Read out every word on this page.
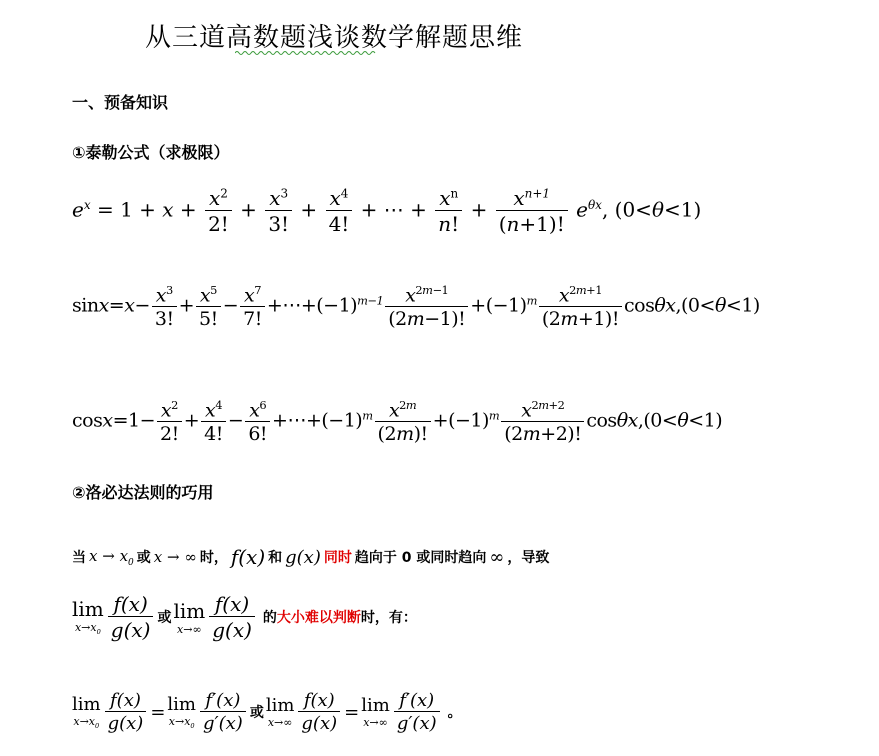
从三道高数题浅谈数学解题思维
一、预备知识
①泰勒公式（求极限）
$e^x = 1 + x + \frac{x^2}{2!} + \frac{x^3}{3!} + \frac{x^4}{4!}$ + ⋯ + $\frac{x^n}{n!} + \frac{x^{n+1}}{(n+1)!} e^{\theta x}$, (0<θ<1)
$\sin x=x- \frac{x^3}{3!} + \frac{x^5}{5!} - \frac{x^7}{7!}$ $+\cdots+(-1)^{m-1} \frac{x^{2m-1}}{(2m-1)!} +(-1)^m \frac{x^{2m+1}}{(2m+1)!} \cos\theta x,(0<\theta<1)$
$\cos x=1- \frac{x^2}{2!} + \frac{x^4}{4!} - \frac{x^6}{6!}$ $+\cdots+(-1)^m \frac{x^{2m}}{(2m)!} +(-1)^m \frac{x^{2m+2}}{(2m+2)!} \cos\theta x,(0<\theta<1)$
②洛必达法则的巧用
当 $x \to x_0$ 或 x → ∞ 时， f(x) 和 g(x) 同时 趋向于 0 或同时趋向 ∞ ，导致
lim
$x\to x_0 \frac{f(x)}{g(x)}$ 或 lim
$x\to\infty \frac{f(x)}{g(x)}$ 的大小难以判断时，有：
lim
$x\to x_0 \frac{f(x)}{g(x)} = \lim$
$x\to x_0 \frac{f'(x)}{g'(x)}$ 或 lim
$x\to\infty \frac{f(x)}{g(x)} = \lim$
$x\to\infty \frac{f'(x)}{g'(x)}$ 。
